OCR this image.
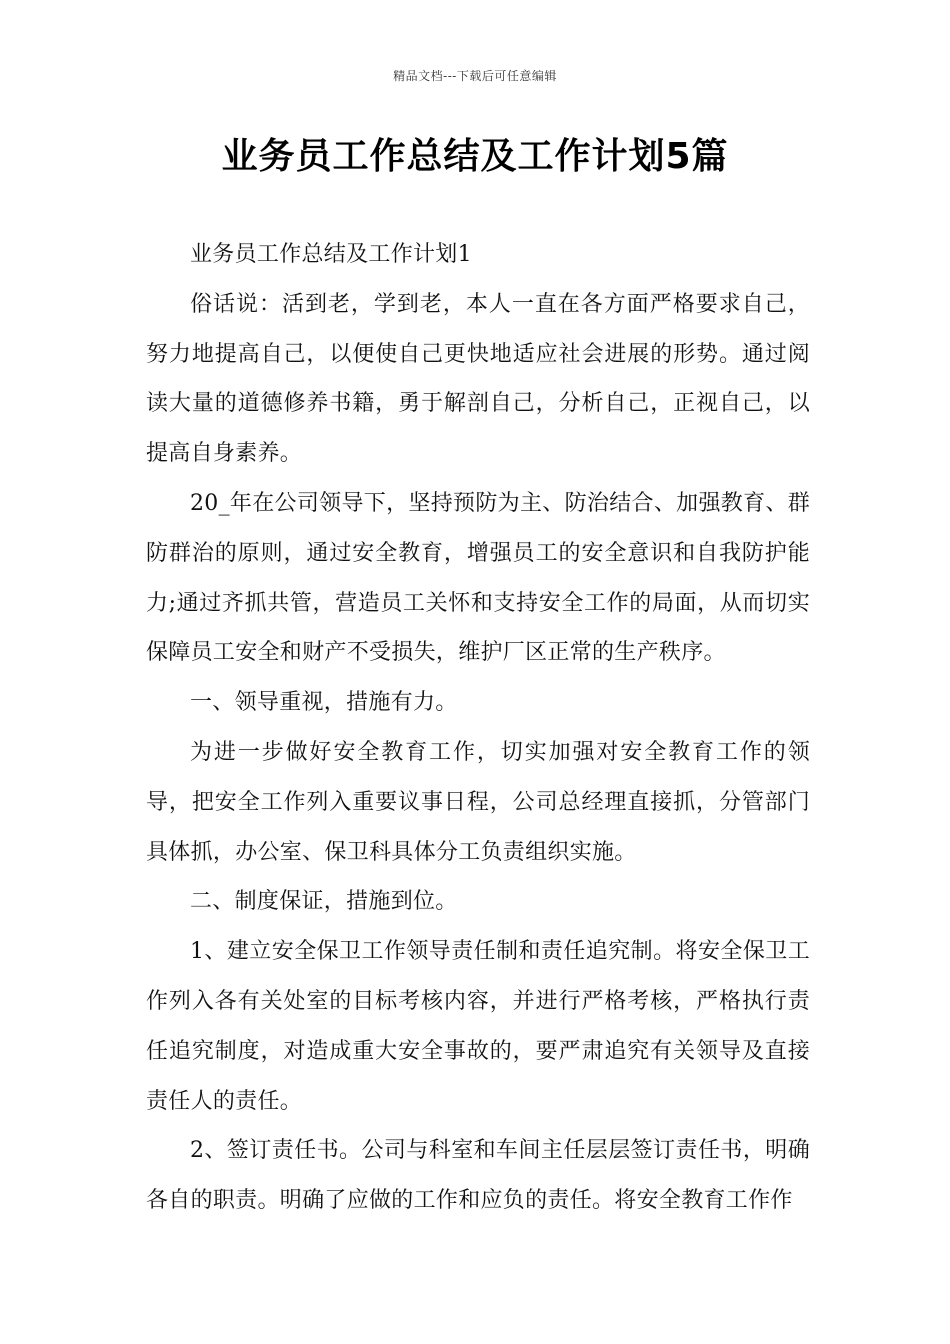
精品文档---下载后可任意编辑
业务员工作总结及工作计划5篇

业务员工作总结及工作计划1

俗话说：活到老，学到老，本人一直在各方面严格要求自己，努力地提高自己，以便使自己更快地适应社会进展的形势。通过阅读大量的道德修养书籍，勇于解剖自己，分析自己，正视自己，以提高自身素养。

20_年在公司领导下，坚持预防为主、防治结合、加强教育、群防群治的原则，通过安全教育，增强员工的安全意识和自我防护能力;通过齐抓共管，营造员工关怀和支持安全工作的局面，从而切实保障员工安全和财产不受损失，维护厂区正常的生产秩序。

一、领导重视，措施有力。

为进一步做好安全教育工作，切实加强对安全教育工作的领导，把安全工作列入重要议事日程，公司总经理直接抓，分管部门具体抓，办公室、保卫科具体分工负责组织实施。

二、制度保证，措施到位。

1、建立安全保卫工作领导责任制和责任追究制。将安全保卫工作列入各有关处室的目标考核内容，并进行严格考核，严格执行责任追究制度，对造成重大安全事故的，要严肃追究有关领导及直接责任人的责任。

2、签订责任书。公司与科室和车间主任层层签订责任书，明确各自的职责。明确了应做的工作和应负的责任。将安全教育工作作
